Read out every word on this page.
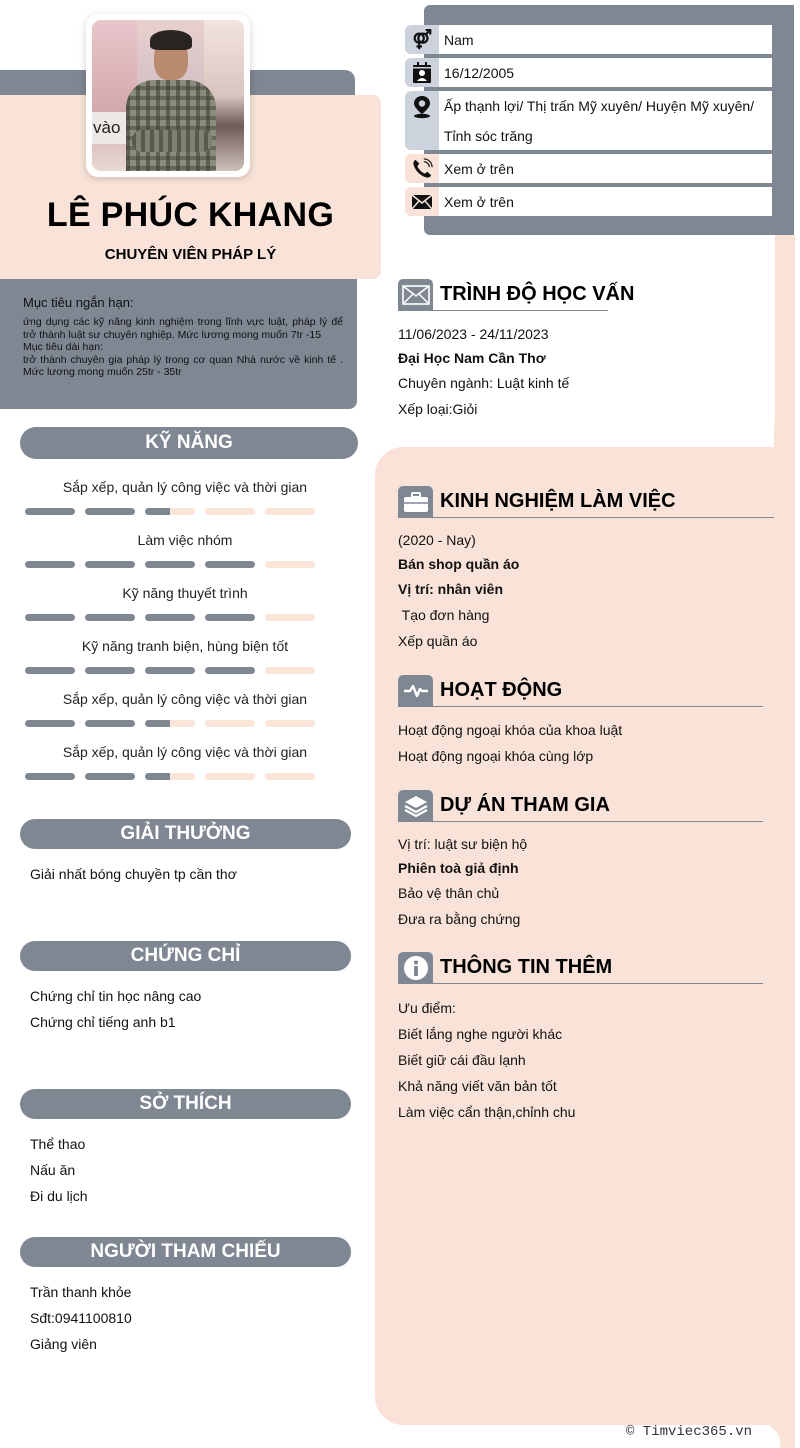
vào
LÊ PHÚC KHANG
CHUYÊN VIÊN PHÁP LÝ
Mục tiêu ngắn hạn:
ứng dụng các kỹ năng kinh nghiệm trong lĩnh vực luật, pháp lý để trở thành luật sư chuyên nghiệp. Mức lương mong muốn 7tr -15
Mục tiêu dài hạn:
trở thành chuyên gia pháp lý trong cơ quan Nhà nước về kinh tế . Mức lương mong muốn 25tr - 35tr
KỸ NĂNG
Sắp xếp, quản lý công việc và thời gian
Làm việc nhóm
Kỹ năng thuyết trình
Kỹ năng tranh biện, hùng biện tốt
Sắp xếp, quản lý công việc và thời gian
Sắp xếp, quản lý công việc và thời gian
GIẢI THƯỞNG
Giải nhất bóng chuyền tp cần thơ
CHỨNG CHỈ
Chứng chỉ tin học nâng cao
Chứng chỉ tiếng anh b1
SỞ THÍCH
Thể thao
Nấu ăn
Đi du lịch
NGƯỜI THAM CHIẾU
Trần thanh khỏe
Sđt:0941100810
Giảng viên
Nam
16/12/2005
Ấp thạnh lợi/ Thị trấn Mỹ xuyên/ Huyện Mỹ xuyên/
Tỉnh sóc trăng
Xem ở trên
Xem ở trên
TRÌNH ĐỘ HỌC VẤN
11/06/2023 - 24/11/2023
Đại Học Nam Cần Thơ
Chuyên ngành: Luật kinh tế
Xếp loại:Giỏi
KINH NGHIỆM LÀM VIỆC
(2020 - Nay)
Bán shop quần áo
Vị trí: nhân viên
Tạo đơn hàng
Xếp quần áo
HOẠT ĐỘNG
Hoạt động ngoại khóa của khoa luật
Hoạt động ngoại khóa cùng lớp
DỰ ÁN THAM GIA
Vị trí: luật sư biện hộ
Phiên toà giả định
Bảo vệ thân chủ
Đưa ra bằng chứng
THÔNG TIN THÊM
Ưu điểm:
Biết lắng nghe người khác
Biết giữ cái đầu lạnh
Khả năng viết văn bản tốt
Làm việc cẩn thận,chỉnh chu
© Timviec365.vn
